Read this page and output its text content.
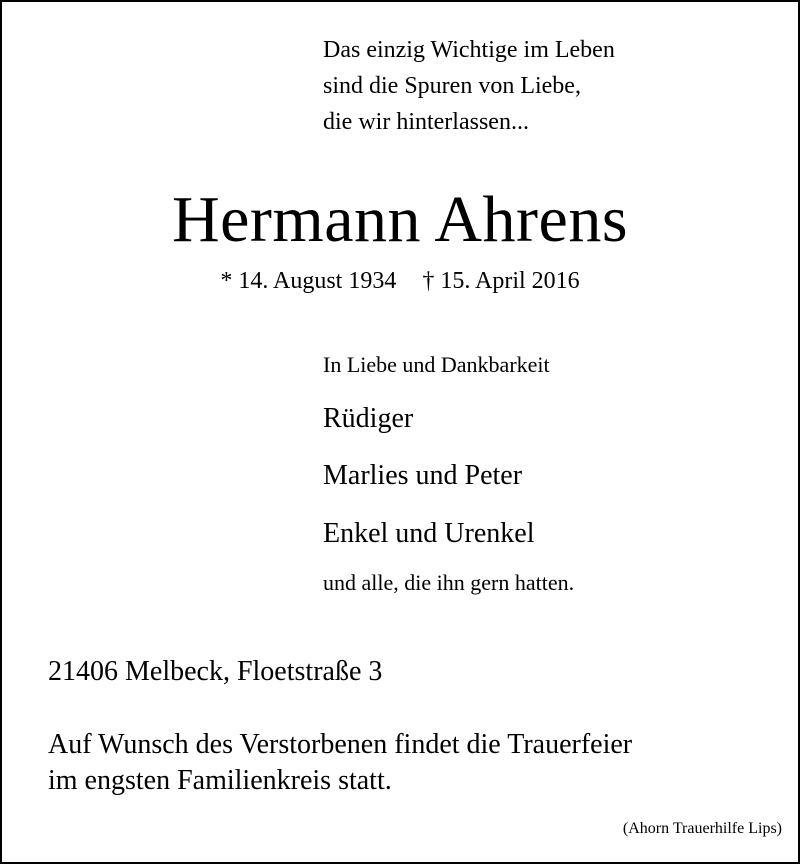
Das einzig Wichtige im Leben
sind die Spuren von Liebe,
die wir hinterlassen...
Hermann Ahrens
* 14. August 1934 † 15. April 2016
In Liebe und Dankbarkeit
Rüdiger
Marlies und Peter
Enkel und Urenkel
und alle, die ihn gern hatten.
21406 Melbeck, Floetstraße 3
Auf Wunsch des Verstorbenen findet die Trauerfeier
im engsten Familienkreis statt.
(Ahorn Trauerhilfe Lips)
